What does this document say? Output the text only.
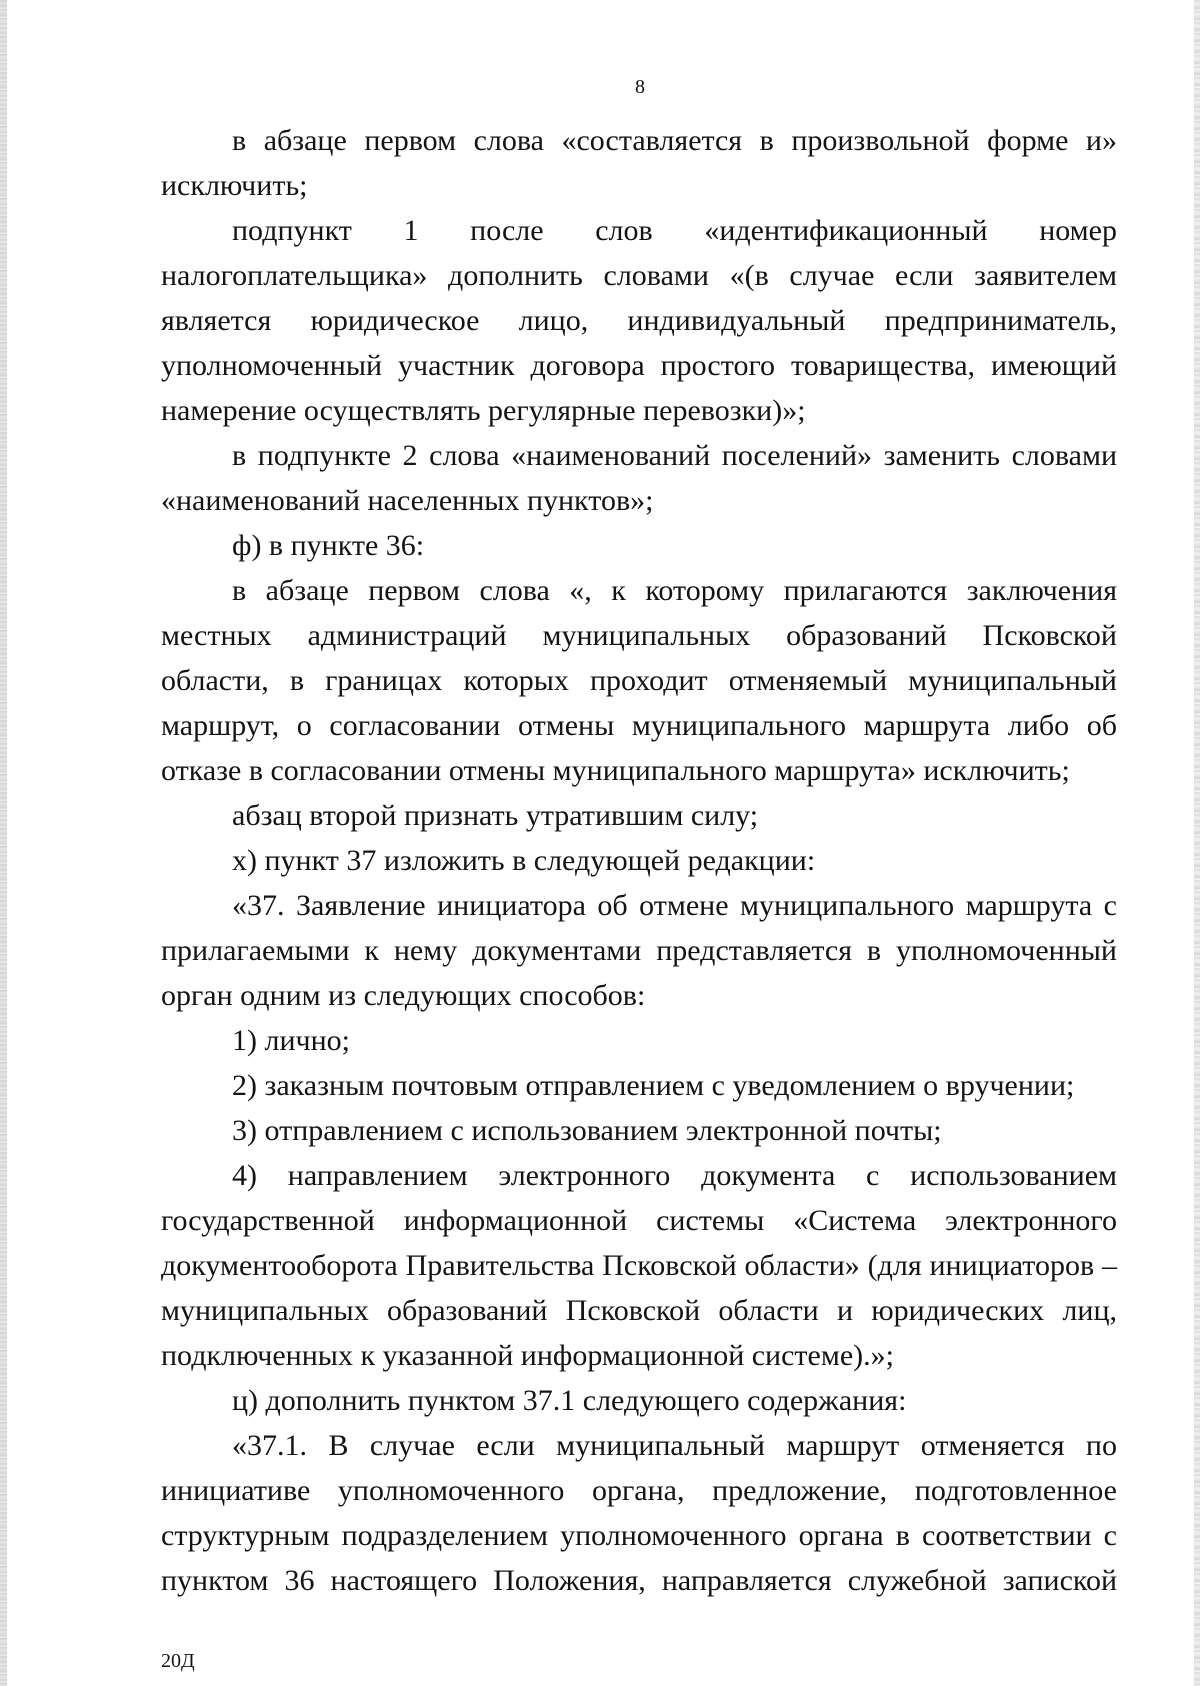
8

в абзаце первом слова «составляется в произвольной форме и» исключить;

подпункт 1 после слов «идентификационный номер налогоплательщика» дополнить словами «(в случае если заявителем является юридическое лицо, индивидуальный предприниматель, уполномоченный участник договора простого товарищества, имеющий намерение осуществлять регулярные перевозки)»;

в подпункте 2 слова «наименований поселений» заменить словами «наименований населенных пунктов»;

ф) в пункте 36:

в абзаце первом слова «, к которому прилагаются заключения местных администраций муниципальных образований Псковской области, в границах которых проходит отменяемый муниципальный маршрут, о согласовании отмены муниципального маршрута либо об отказе в согласовании отмены муниципального маршрута» исключить;

абзац второй признать утратившим силу;

х) пункт 37 изложить в следующей редакции:

«37. Заявление инициатора об отмене муниципального маршрута с прилагаемыми к нему документами представляется в уполномоченный орган одним из следующих способов:

1) лично;

2) заказным почтовым отправлением с уведомлением о вручении;

3) отправлением с использованием электронной почты;

4) направлением электронного документа с использованием государственной информационной системы «Система электронного документооборота Правительства Псковской области» (для инициаторов – муниципальных образований Псковской области и юридических лиц, подключенных к указанной информационной системе).»;

ц) дополнить пунктом 37.1 следующего содержания:

«37.1. В случае если муниципальный маршрут отменяется по инициативе уполномоченного органа, предложение, подготовленное структурным подразделением уполномоченного органа в соответствии с пунктом 36 настоящего Положения, направляется служебной запиской

20Д
